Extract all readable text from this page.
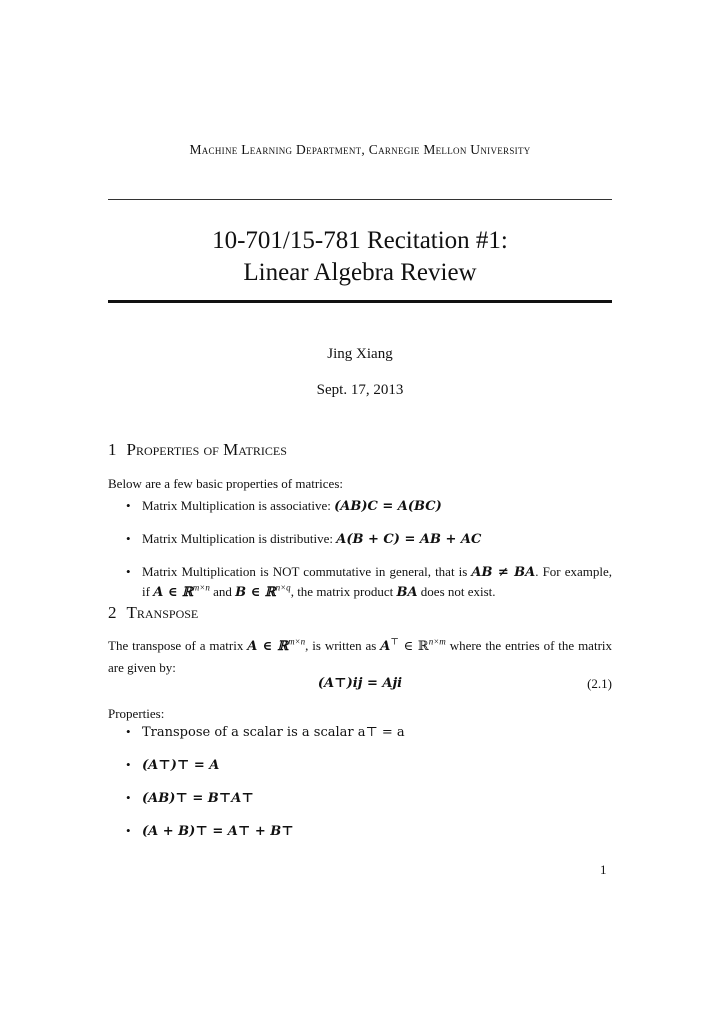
Machine Learning Department, Carnegie Mellon University
10-701/15-781 Recitation #1:
Linear Algebra Review
Jing Xiang
Sept. 17, 2013
1 Properties of Matrices
Below are a few basic properties of matrices:
• Matrix Multiplication is associative: (AB)C = A(BC)
• Matrix Multiplication is distributive: A(B + C) = AB + AC
• Matrix Multiplication is NOT commutative in general, that is AB ≠ BA. For example, if A ∈ ℝ$^{m\times n}$ and B ∈ ℝ$^{n\times q}$, the matrix product BA does not exist.
2 Transpose
The transpose of a matrix A ∈ ℝ$^{m\times n}$, is written as A⊤ ∈ ℝ$^{n\times m}$ where the entries of the matrix are given by:
(A⊤)ij = Aji	(2.1)
Properties:
• Transpose of a scalar is a scalar a⊤ = a
• (A⊤)⊤ = A
• (AB)⊤ = B⊤A⊤
• (A + B)⊤ = A⊤ + B⊤
1
